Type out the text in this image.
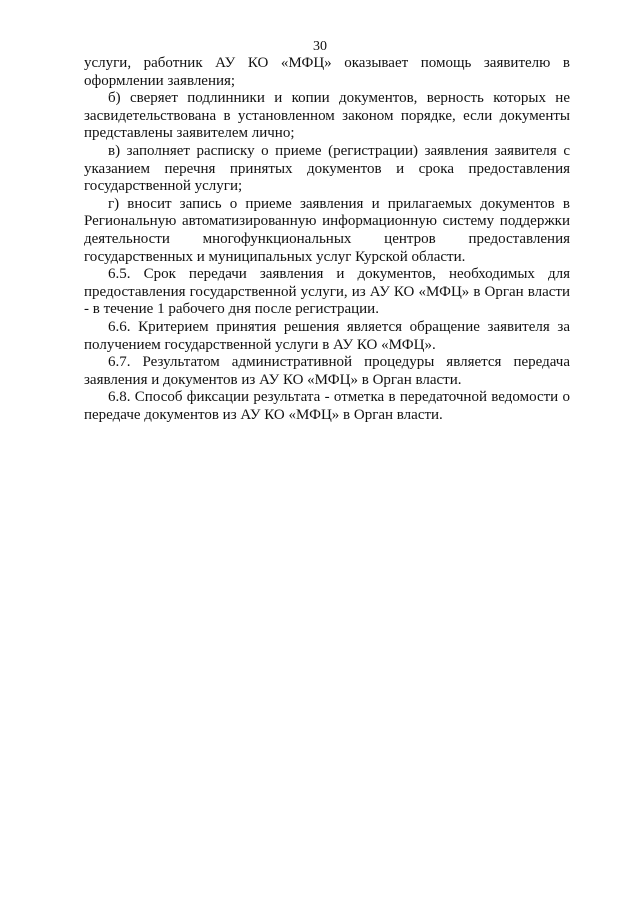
30

услуги, работник АУ КО «МФЦ» оказывает помощь заявителю в оформлении заявления;

б) сверяет подлинники и копии документов, верность которых не засвидетельствована в установленном законом порядке, если документы представлены заявителем лично;

в) заполняет расписку о приеме (регистрации) заявления заявителя с указанием перечня принятых документов и срока предоставления государственной услуги;

г) вносит запись о приеме заявления и прилагаемых документов в Региональную автоматизированную информационную систему поддержки деятельности многофункциональных центров предоставления государственных и муниципальных услуг Курской области.

6.5. Срок передачи заявления и документов, необходимых для предоставления государственной услуги, из АУ КО «МФЦ» в Орган власти - в течение 1 рабочего дня после регистрации.

6.6. Критерием принятия решения является обращение заявителя за получением государственной услуги в АУ КО «МФЦ».

6.7. Результатом административной процедуры является передача заявления и документов из АУ КО «МФЦ» в Орган власти.

6.8. Способ фиксации результата - отметка в передаточной ведомости о передаче документов из АУ КО «МФЦ» в Орган власти.
